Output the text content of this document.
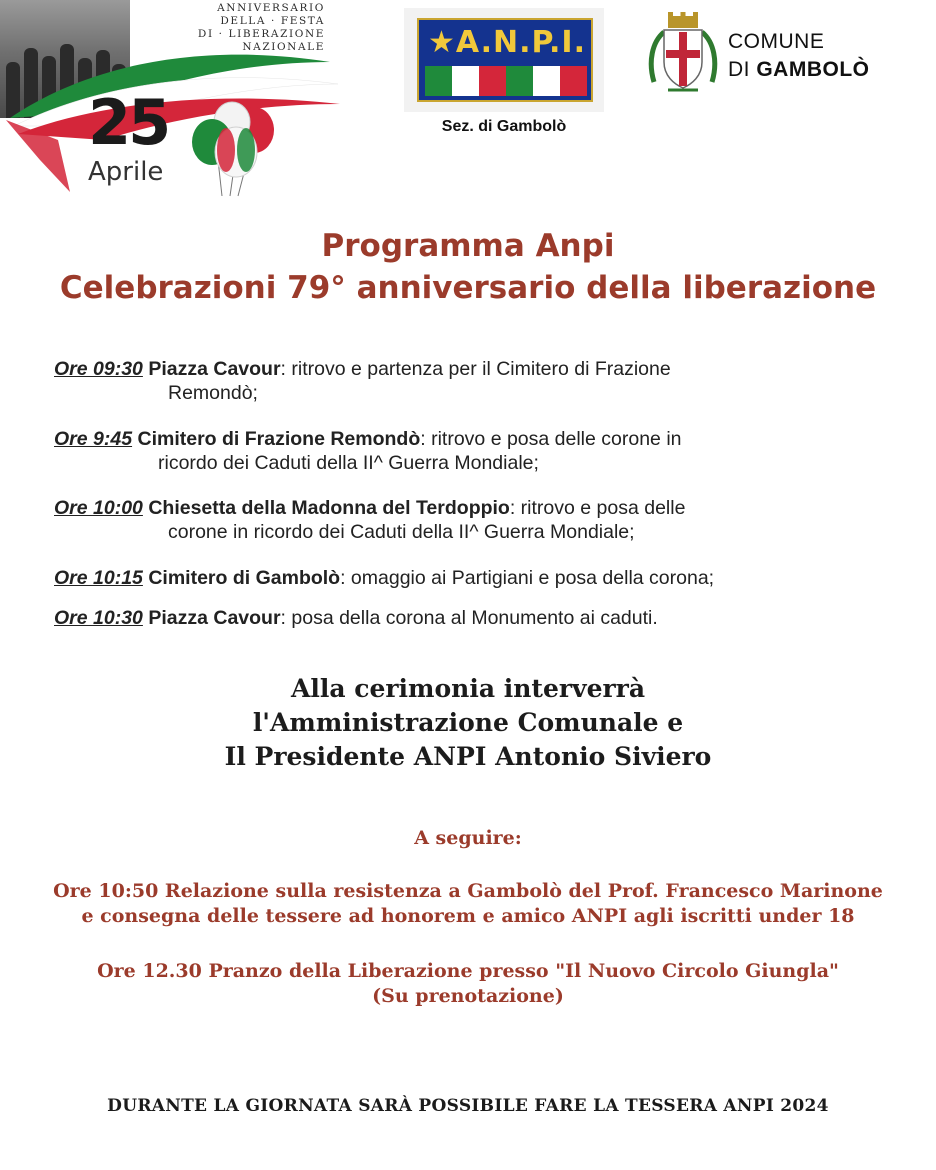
ANNIVERSARIO
DELLA · FESTA
DI · LIBERAZIONE
NAZIONALE
25
Aprile
★A.N.P.I.
Sez. di Gambolò
COMUNE
DI GAMBOLÒ
Programma Anpi
Celebrazioni 79° anniversario della liberazione
Ore 09:30 Piazza Cavour: ritrovo e partenza per il Cimitero di Frazione
Remondò;
Ore 9:45 Cimitero di Frazione Remondò: ritrovo e posa delle corone in
ricordo dei Caduti della II^ Guerra Mondiale;
Ore 10:00 Chiesetta della Madonna del Terdoppio: ritrovo e posa delle
corone in ricordo dei Caduti della II^ Guerra Mondiale;
Ore 10:15 Cimitero di Gambolò: omaggio ai Partigiani e posa della corona;
Ore 10:30 Piazza Cavour: posa della corona al Monumento ai caduti.
Alla cerimonia interverrà
l'Amministrazione Comunale e
Il Presidente ANPI Antonio Siviero
A seguire:
Ore 10:50 Relazione sulla resistenza a Gambolò del Prof. Francesco Marinone
e consegna delle tessere ad honorem e amico ANPI agli iscritti under 18
Ore 12.30 Pranzo della Liberazione presso "Il Nuovo Circolo Giungla"
(Su prenotazione)
DURANTE LA GIORNATA SARÀ POSSIBILE FARE LA TESSERA ANPI 2024
